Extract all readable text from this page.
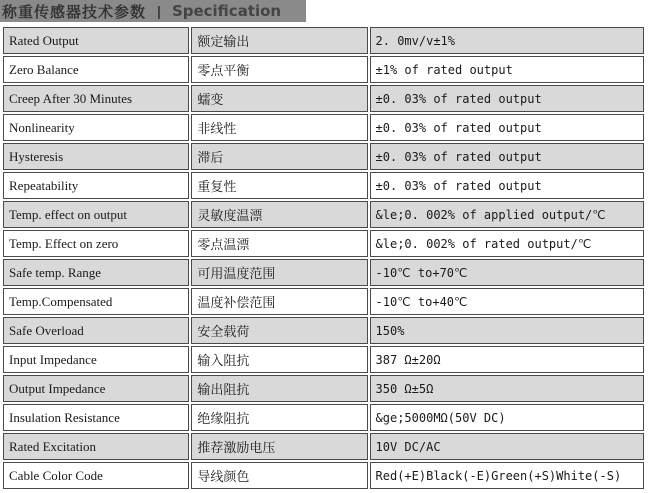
称重传感器技术参数 | Specification
Rated Output	额定输出	2. 0mv/v±1%
Zero Balance	零点平衡	±1% of rated output
Creep After 30 Minutes	蠕变	±0. 03% of rated output
Nonlinearity	非线性	±0. 03% of rated output
Hysteresis	滞后	±0. 03% of rated output
Repeatability	重复性	±0. 03% of rated output
Temp. effect on output	灵敏度温漂	&le;0. 002% of applied output/℃
Temp. Effect on zero	零点温漂	&le;0. 002% of rated output/℃
Safe temp. Range	可用温度范围	-10℃ to+70℃
Temp.Compensated	温度补偿范围	-10℃ to+40℃
Safe Overload	安全载荷	150%
Input Impedance	输入阻抗	387 Ω±20Ω
Output Impedance	输出阻抗	350 Ω±5Ω
Insulation Resistance	绝缘阻抗	&ge;5000MΩ(50V DC)
Rated Excitation	推荐激励电压	10V DC/AC
Cable Color Code	导线颜色	Red(+E)Black(-E)Green(+S)White(-S)
